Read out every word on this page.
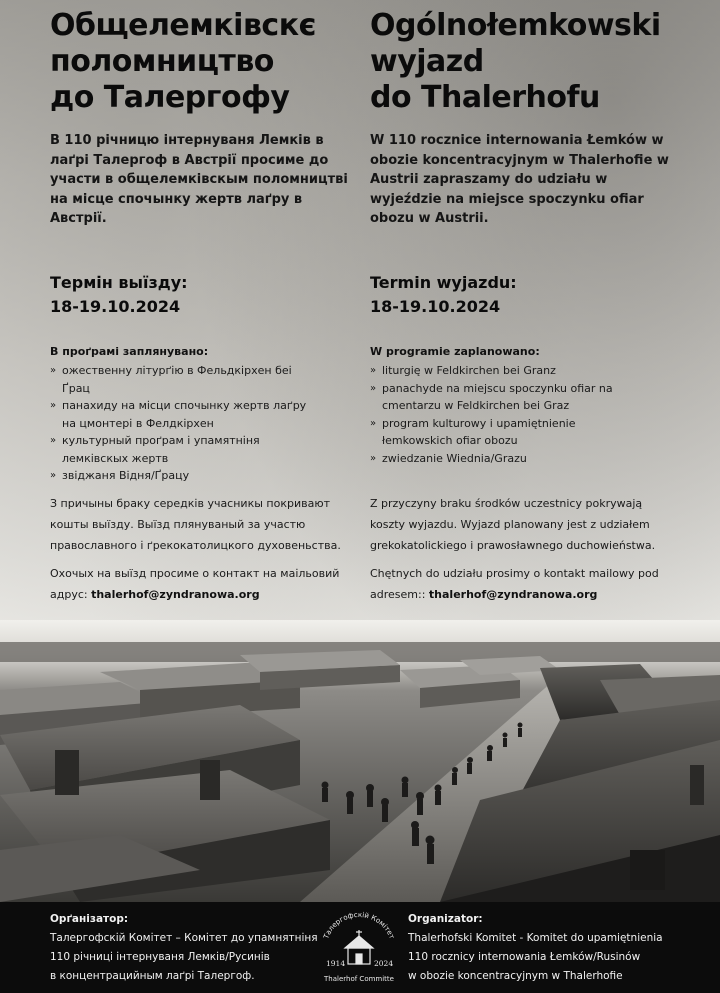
Общелемківскє
поломництво
до Талергофу

В 110 річницю інтернуваня Лемків в лаґрі Талергоф в Австрії просиме до участи в общелемківскым поломництві на місце спочынку жертв лаґру в Австрії.

Термін выїзду:

18-19.10.2024

В проґрамі заплянувано:

» ожественну літурґію в Фельдкірхен беі Ґрац
» панахиду на місци спочынку жертв лаґру на цмонтері в Фелдкірхен
» культурный проґрам і упамятніня лемківскых жертв
» звіджаня Відня/Ґрацу

З причыны браку середків учасникы покривают кошты выїзду. Выїзд плянуваный за участю православного і ґрекокатолицкого духовеньства.

Охочых на выїзд просиме о контакт на маільовий адрус: thalerhof@zyndranowa.org

Ogólnołemkowski
wyjazd
do Thalerhofu

W 110 rocznice internowania Łemków w obozie koncentracyjnym w Thalerhofie w Austrii zapraszamy do udziału w wyjeździe na miejsce spoczynku ofiar obozu w Austrii.

Termin wyjazdu:

18-19.10.2024

W programie zaplanowano:

» liturgię w Feldkirchen bei Granz
» panachyde na miejscu spoczynku ofiar na cmentarzu w Feldkirchen bei Graz
» program kulturowy i upamiętnienie łemkowskich ofiar obozu
» zwiedzanie Wiednia/Grazu

Z przyczyny braku środków uczestnicy pokrywają koszty wyjazdu. Wyjazd planowany jest z udziałem grekokatolickiego i prawosławnego duchowieństwa.

Chętnych do udziału prosimy o kontakt mailowy pod adresem:: thalerhof@zyndranowa.org

Орґанізатор:
Талергофскій Комітет – Комітет до упамнятніня
110 річниці інтернуваня Лемків/Русинів
в концентрацийным лаґрі Талергоф.
Талергофскій Комітет
1914	2024
Thalerhof Committe
Organizator:
Thalerhofski Komitet - Komitet do upamiętnienia
110 rocznicy internowania Łemków/Rusinów
w obozie koncentracyjnym w Thalerhofie
